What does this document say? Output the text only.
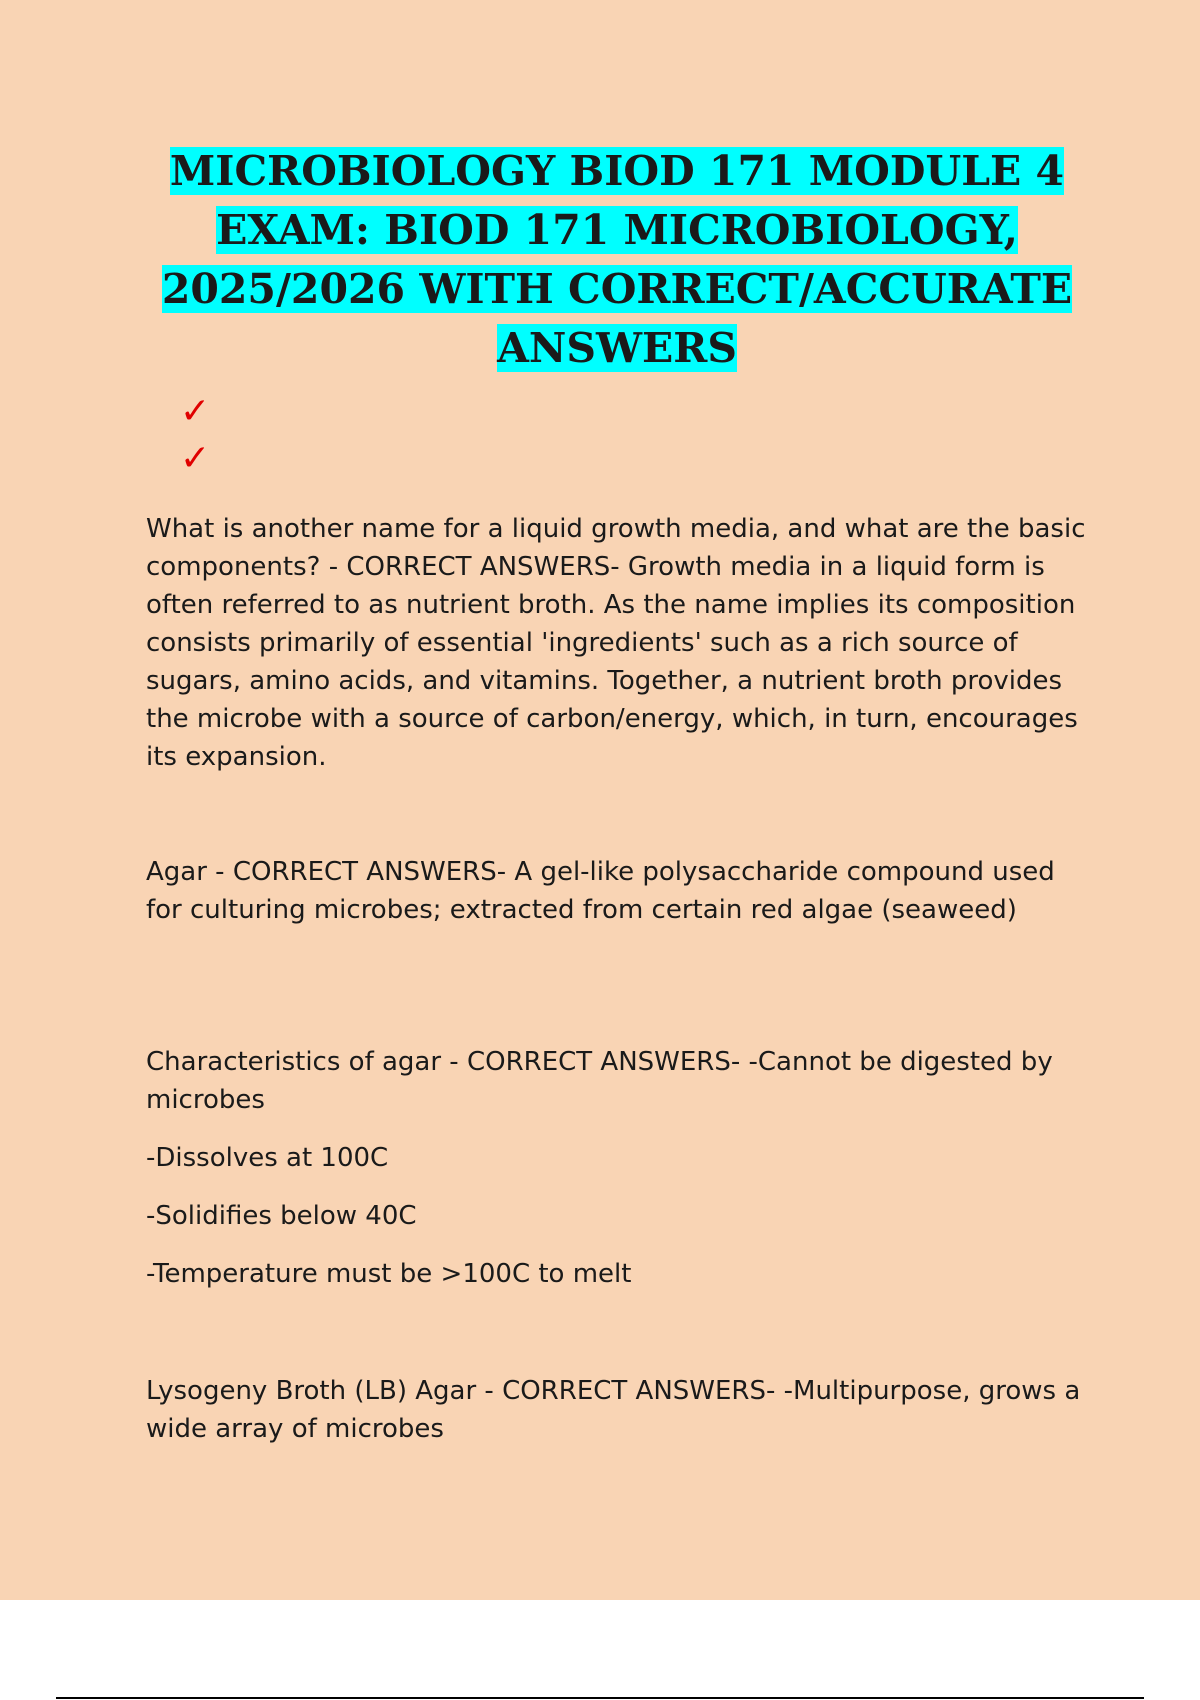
MICROBIOLOGY BIOD 171 MODULE 4
EXAM: BIOD 171 MICROBIOLOGY,
2025/2026 WITH CORRECT/ACCURATE
ANSWERS
✓
✓

What is another name for a liquid growth media, and what are the basic components? - CORRECT ANSWERS- Growth media in a liquid form is often referred to as nutrient broth. As the name implies its composition consists primarily of essential 'ingredients' such as a rich source of sugars, amino acids, and vitamins. Together, a nutrient broth provides the microbe with a source of carbon/energy, which, in turn, encourages its expansion.

Agar - CORRECT ANSWERS- A gel-like polysaccharide compound used for culturing microbes; extracted from certain red algae (seaweed)

Characteristics of agar - CORRECT ANSWERS- -Cannot be digested by microbes
-Dissolves at 100C
-Solidifies below 40C
-Temperature must be >100C to melt

Lysogeny Broth (LB) Agar - CORRECT ANSWERS- -Multipurpose, grows a wide array of microbes
